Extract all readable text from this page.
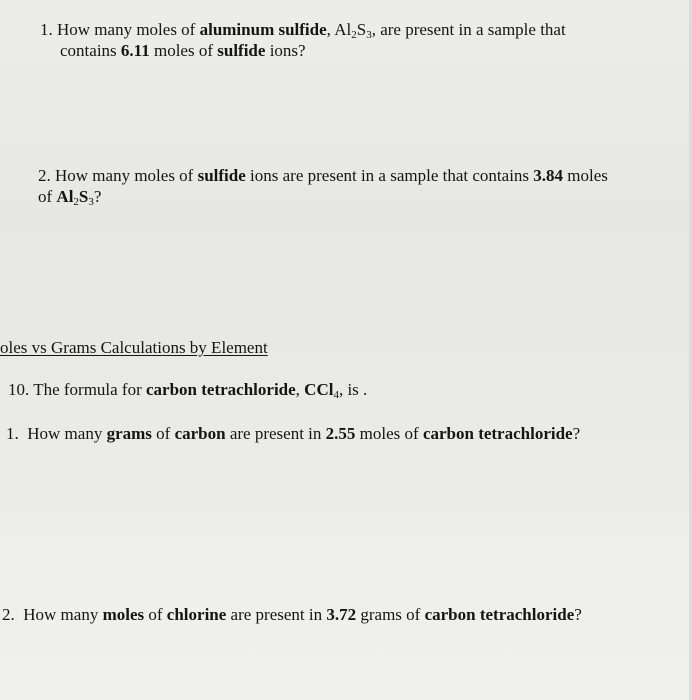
1. How many moles of aluminum sulfide, $Al_2S_3$, are present in a sample that
contains 6.11 moles of sulfide ions?
2. How many moles of sulfide ions are present in a sample that contains 3.84 moles
of $Al_2S_3$?
oles vs Grams Calculations by Element
10. The formula for carbon tetrachloride, CCl$_4$, is .
1.  How many grams of carbon are present in 2.55 moles of carbon tetrachloride?
2.  How many moles of chlorine are present in 3.72 grams of carbon tetrachloride?
